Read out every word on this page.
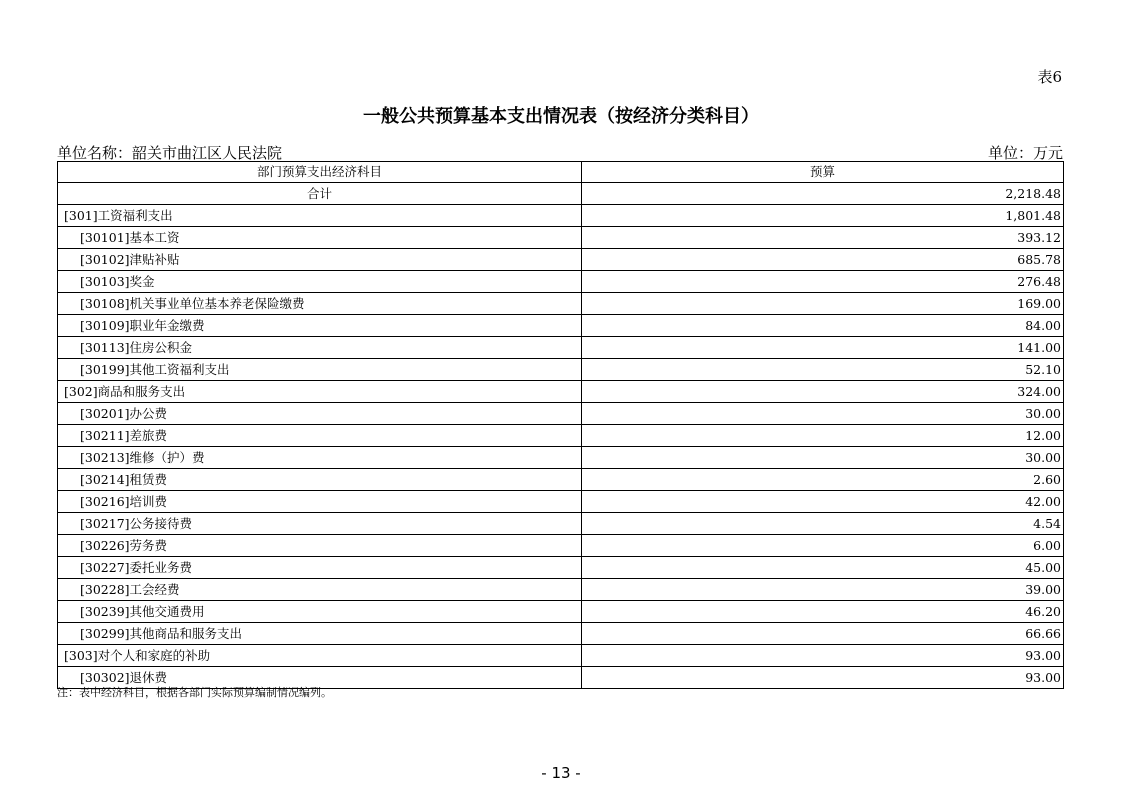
表6
一般公共预算基本支出情况表（按经济分类科目）
单位名称：韶关市曲江区人民法院	单位：万元
部门预算支出经济科目	预算
合计	2,218.48
[301]工资福利支出	1,801.48
[30101]基本工资	393.12
[30102]津贴补贴	685.78
[30103]奖金	276.48
[30108]机关事业单位基本养老保险缴费	169.00
[30109]职业年金缴费	84.00
[30113]住房公积金	141.00
[30199]其他工资福利支出	52.10
[302]商品和服务支出	324.00
[30201]办公费	30.00
[30211]差旅费	12.00
[30213]维修（护）费	30.00
[30214]租赁费	2.60
[30216]培训费	42.00
[30217]公务接待费	4.54
[30226]劳务费	6.00
[30227]委托业务费	45.00
[30228]工会经费	39.00
[30239]其他交通费用	46.20
[30299]其他商品和服务支出	66.66
[303]对个人和家庭的补助	93.00
[30302]退休费	93.00
注：表中经济科目，根据各部门实际预算编制情况编列。
- 13 -
